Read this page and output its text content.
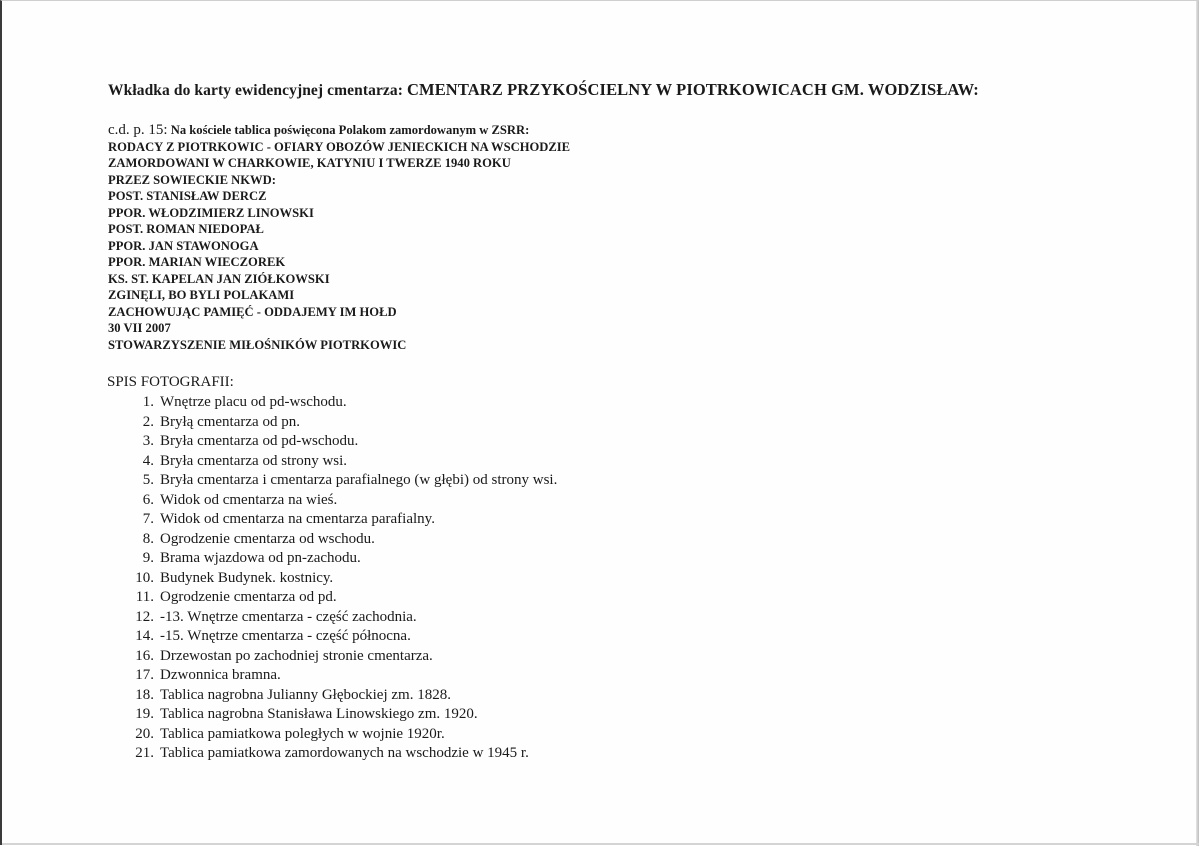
Wkładka do karty ewidencyjnej cmentarza: CMENTARZ PRZYKOŚCIELNY W PIOTRKOWICACH GM. WODZISŁAW:
c.d. p. 15: Na kościele tablica poświęcona Polakom zamordowanym w ZSRR:
RODACY Z PIOTRKOWIC - OFIARY OBOZÓW JENIECKICH NA WSCHODZIE
ZAMORDOWANI W CHARKOWIE, KATYNIU I TWERZE 1940 ROKU
PRZEZ SOWIECKIE NKWD:
POST. STANISŁAW DERCZ
PPOR. WŁODZIMIERZ LINOWSKI
POST. ROMAN NIEDOPAŁ
PPOR. JAN STAWONOGA
PPOR. MARIAN WIECZOREK
KS. ST. KAPELAN JAN ZIÓŁKOWSKI
ZGINĘLI, BO BYLI POLAKAMI
ZACHOWUJĄC PAMIĘĆ - ODDAJEMY IM HOŁD
30 VII 2007
STOWARZYSZENIE MIŁOŚNIKÓW PIOTRKOWIC
SPIS FOTOGRAFII:
1. Wnętrze placu od pd-wschodu.
2. Bryłą cmentarza od pn.
3. Bryła cmentarza od pd-wschodu.
4. Bryła cmentarza od strony wsi.
5. Bryła cmentarza i cmentarza parafialnego (w głębi) od strony wsi.
6. Widok od cmentarza na wieś.
7. Widok od cmentarza na cmentarza parafialny.
8. Ogrodzenie cmentarza od wschodu.
9. Brama wjazdowa od pn-zachodu.
10. Budynek Budynek. kostnicy.
11. Ogrodzenie cmentarza od pd.
12. -13. Wnętrze cmentarza - część zachodnia.
14. -15. Wnętrze cmentarza - część północna.
16. Drzewostan po zachodniej stronie cmentarza.
17. Dzwonnica bramna.
18. Tablica nagrobna Julianny Głębockiej zm. 1828.
19. Tablica nagrobna Stanisława Linowskiego zm. 1920.
20. Tablica pamiatkowa poległych w wojnie 1920r.
21. Tablica pamiatkowa zamordowanych na wschodzie w 1945 r.
